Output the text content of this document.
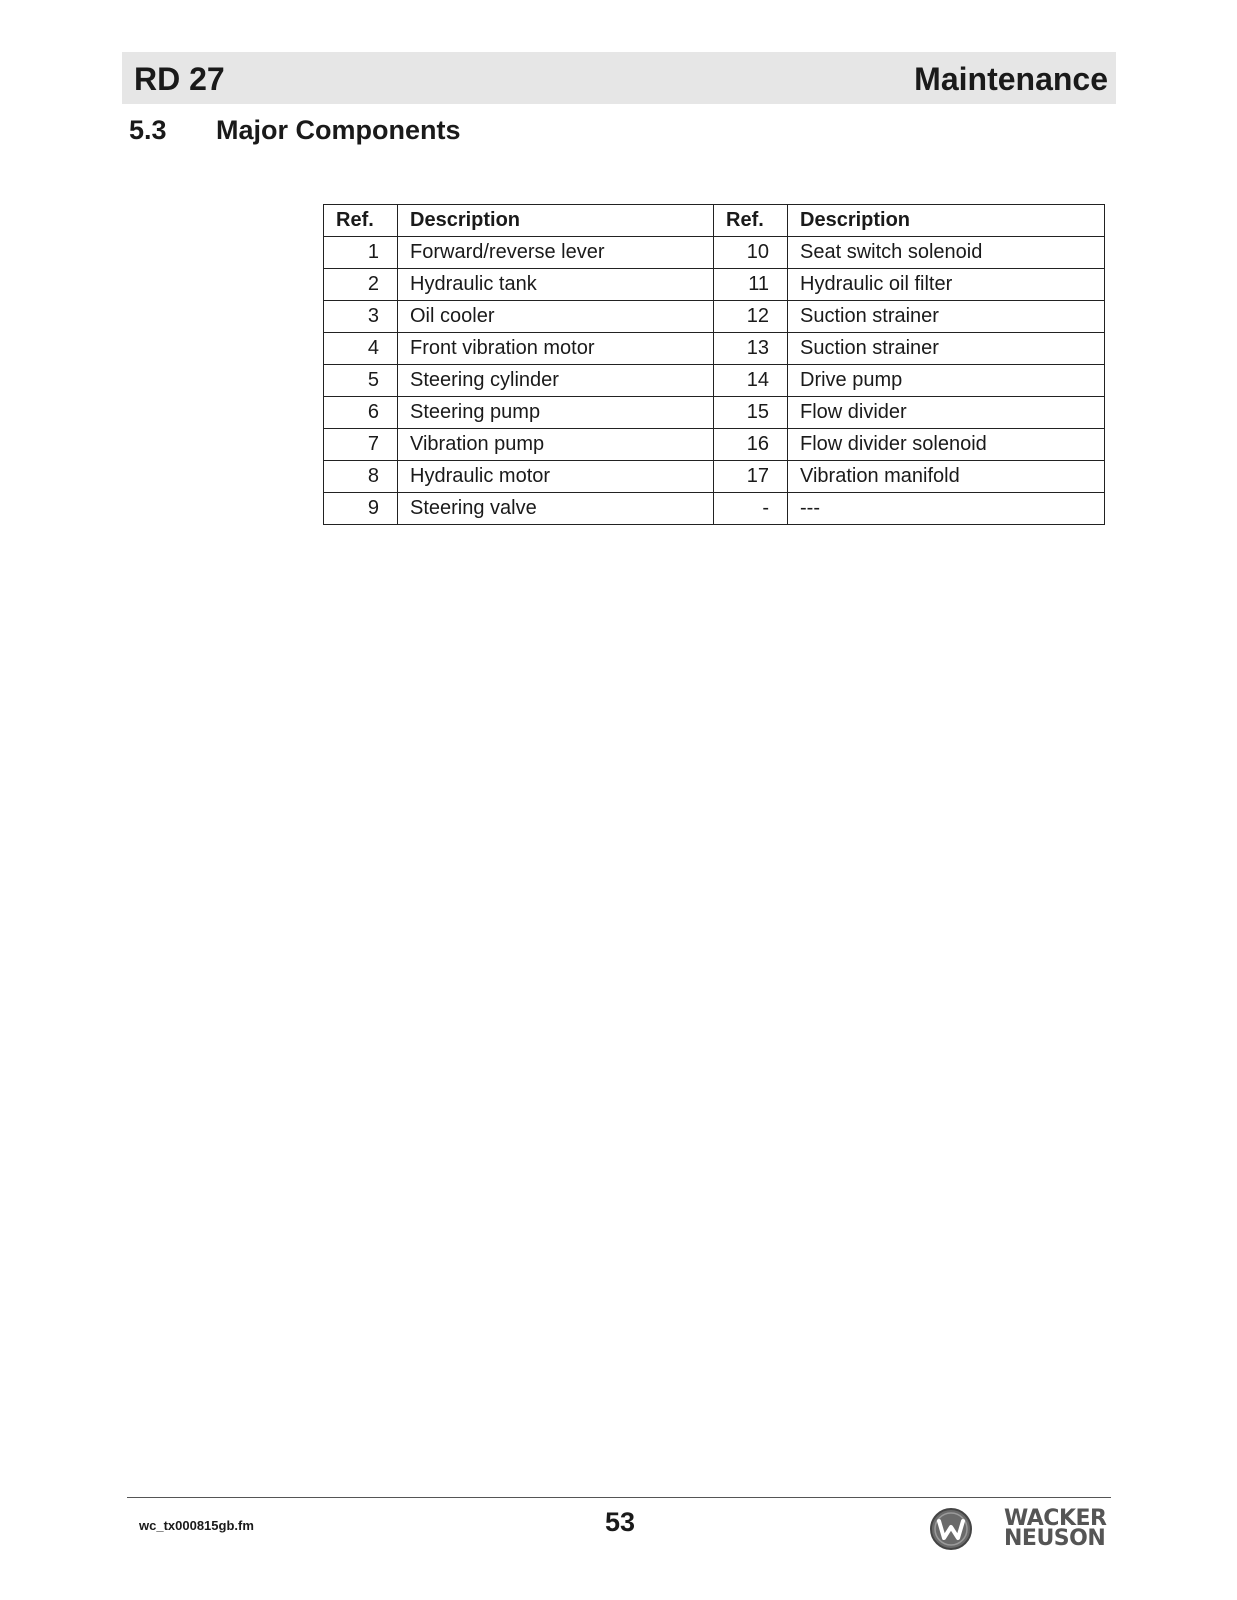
RD 27	Maintenance
5.3 Major Components
Ref.	Description	Ref.	Description
1	Forward/reverse lever	10	Seat switch solenoid
2	Hydraulic tank	11	Hydraulic oil filter
3	Oil cooler	12	Suction strainer
4	Front vibration motor	13	Suction strainer
5	Steering cylinder	14	Drive pump
6	Steering pump	15	Flow divider
7	Vibration pump	16	Flow divider solenoid
8	Hydraulic motor	17	Vibration manifold
9	Steering valve	-	---
wc_tx000815gb.fm	53	WACKER
NEUSON
